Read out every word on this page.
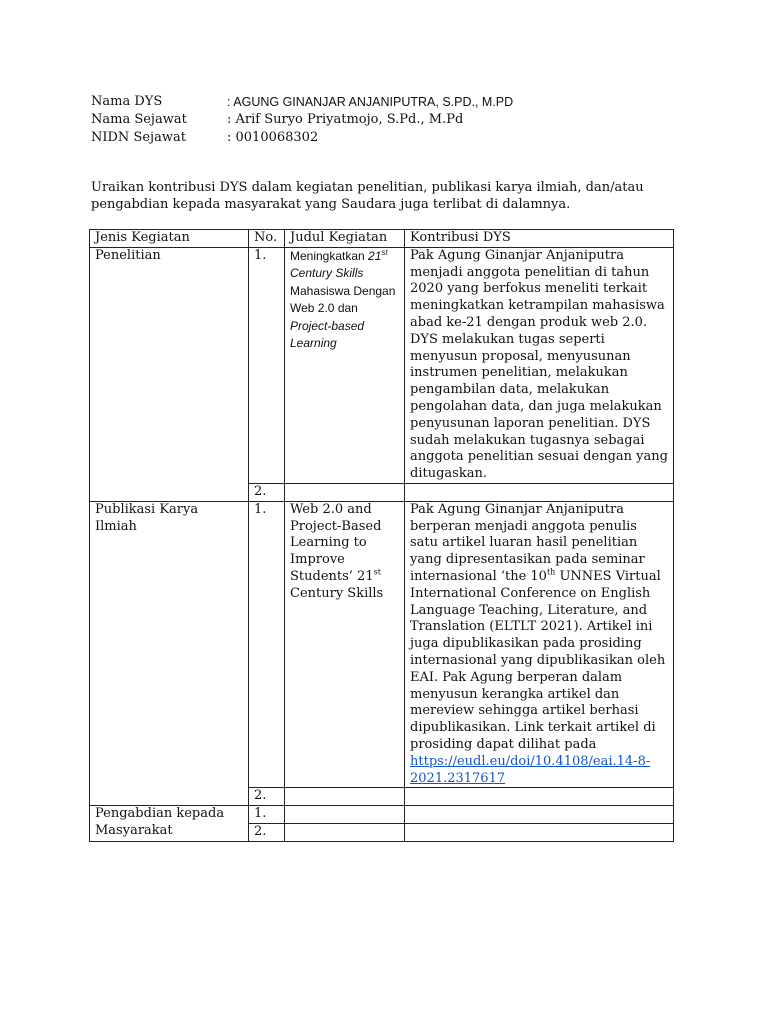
Nama DYS	: AGUNG GINANJAR ANJANIPUTRA, S.PD., M.PD
Nama Sejawat	: Arif Suryo Priyatmojo, S.Pd., M.Pd
NIDN Sejawat	: 0010068302
Uraikan kontribusi DYS dalam kegiatan penelitian, publikasi karya ilmiah, dan/atau pengabdian kepada masyarakat yang Saudara juga terlibat di dalamnya.
Jenis Kegiatan	No.	Judul Kegiatan	Kontribusi DYS
Penelitian	1.	Meningkatkan 21st Century Skills Mahasiswa Dengan Web 2.0 dan Project-based Learning	Pak Agung Ginanjar Anjaniputra menjadi anggota penelitian di tahun 2020 yang berfokus meneliti terkait meningkatkan ketrampilan mahasiswa abad ke-21 dengan produk web 2.0. DYS melakukan tugas seperti menyusun proposal, menyusunan instrumen penelitian, melakukan pengambilan data, melakukan pengolahan data, dan juga melakukan penyusunan laporan penelitian. DYS sudah melakukan tugasnya sebagai anggota penelitian sesuai dengan yang ditugaskan.
	2.		
Publikasi Karya Ilmiah	1.	Web 2.0 and Project-Based Learning to Improve Students’ 21st Century Skills	Pak Agung Ginanjar Anjaniputra berperan menjadi anggota penulis satu artikel luaran hasil penelitian yang dipresentasikan pada seminar internasional ‘the 10th UNNES Virtual International Conference on English Language Teaching, Literature, and Translation (ELTLT 2021). Artikel ini juga dipublikasikan pada prosiding internasional yang dipublikasikan oleh EAI. Pak Agung berperan dalam menyusun kerangka artikel dan mereview sehingga artikel berhasi dipublikasikan. Link terkait artikel di prosiding dapat dilihat pada https://eudl.eu/doi/10.4108/eai.14-8-2021.2317617
	2.		
Pengabdian kepada Masyarakat	1.		
	2.		
